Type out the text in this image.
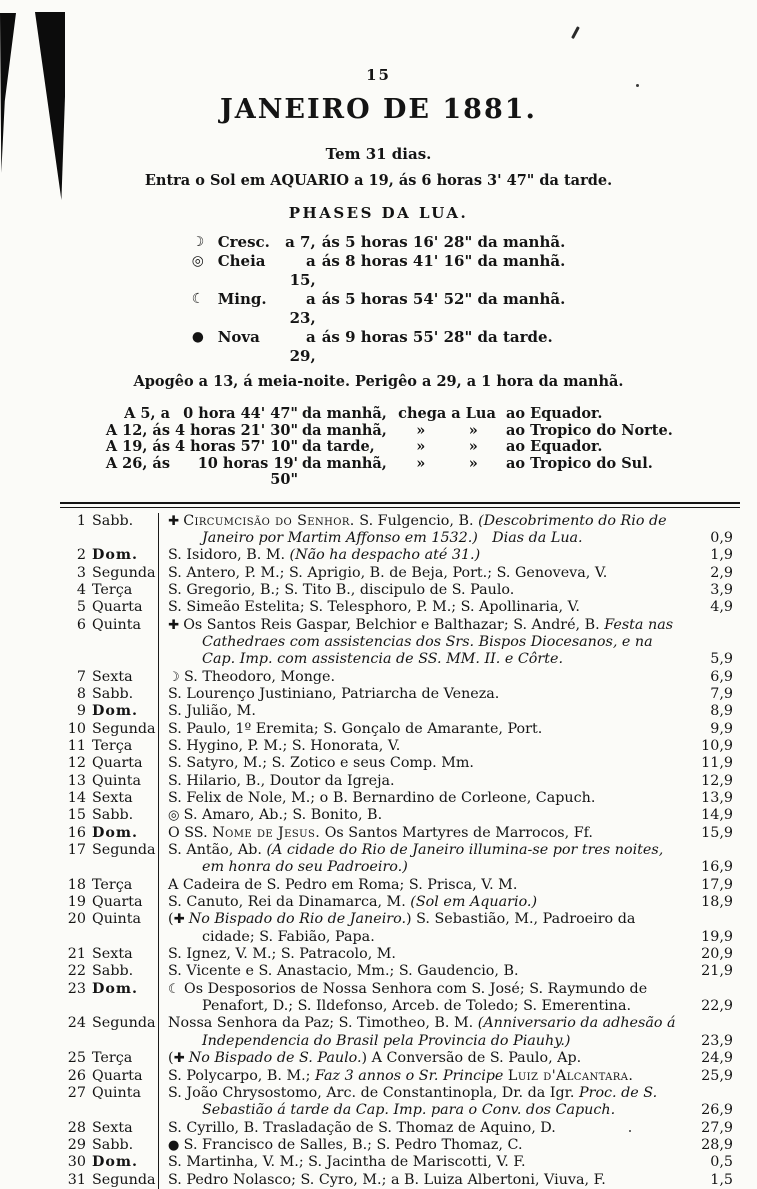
15
JANEIRO DE 1881.
Tem 31 dias.
Entra o Sol em AQUARIO a 19, ás 6 horas 3' 47" da tarde.
PHASES DA LUA.
☽ Cresc.	a 7, ás 5 horas 16' 28" da manhã.
◎ Cheia	a 15,
ás 8 horas 41' 16" da manhã.
☾ Ming.	a 23,
ás 5 horas 54' 52" da manhã.
● Nova	a 29,
ás 9 horas 55' 28" da tarde.
Apogêo a 13, á meia-noite. Perigêo a 29, a 1 hora da manhã.
A 5, a 0 hora 44' 47" da manhã, chega a Lua ao Equador.
A 12, ás 4 horas 21' 30" da manhã,	»   »	ao Tropico do Norte.
A 19, ás 4 horas 57' 10" da tarde,	»   »	ao Equador.
A 26, ás	10 horas 19' 50"
da manhã,	»   »	ao Tropico do Sul.
1 Sabb.	✚ Circumcisão do Senhor. S. Fulgencio, B. (Descobrimento do Rio de Janeiro por Martim Affonso em 1532.) Dias da Lua.	0,9
2 Dom.	S. Isidoro, B. M. (Não ha despacho até 31.)	1,9
3 Segunda S. Antero, P. M.; S. Aprigio, B. de Beja, Port.; S. Genoveva, V.	2,9
4 Terça	S. Gregorio, B.; S. Tito B., discipulo de S. Paulo.	3,9
5 Quarta	S. Simeão Estelita; S. Telesphoro, P. M.; S. Apollinaria, V.	4,9
6 Quinta	✚ Os Santos Reis Gaspar, Belchior e Balthazar; S. André, B. Festa nas Cathedraes com assistencias dos Srs. Bispos Diocesanos, e na Cap. Imp. com assistencia de SS. MM. II. e Côrte.	5,9
7 Sexta	☽ S. Theodoro, Monge.	6,9
8 Sabb.	S. Lourenço Justiniano, Patriarcha de Veneza.	7,9
9 Dom.	S. Julião, M.	8,9
10 Segunda S. Paulo, 1º Eremita; S. Gonçalo de Amarante, Port.	9,9
11 Terça	S. Hygino, P. M.; S. Honorata, V.	10,9
12 Quarta	S. Satyro, M.; S. Zotico e seus Comp. Mm.	11,9
13 Quinta	S. Hilario, B., Doutor da Igreja.	12,9
14 Sexta	S. Felix de Nole, M.; o B. Bernardino de Corleone, Capuch.	13,9
15 Sabb.	◎ S. Amaro, Ab.; S. Bonito, B.	14,9
16 Dom.	O SS. Nome de Jesus. Os Santos Martyres de Marrocos, Ff.	15,9
17 Segunda S. Antão, Ab. (A cidade do Rio de Janeiro illumina-se por tres noites, em honra do seu Padroeiro.)	16,9
18 Terça	A Cadeira de S. Pedro em Roma; S. Prisca, V. M.	17,9
19 Quarta	S. Canuto, Rei da Dinamarca, M. (Sol em Aquario.)	18,9
20 Quinta	(✚ No Bispado do Rio de Janeiro.) S. Sebastião, M., Padroeiro da cidade; S. Fabião, Papa.	19,9
21 Sexta	S. Ignez, V. M.; S. Patracolo, M.	20,9
22 Sabb.	S. Vicente e S. Anastacio, Mm.; S. Gaudencio, B.	21,9
23 Dom.	☾ Os Desposorios de Nossa Senhora com S. José; S. Raymundo de Penafort, D.; S. Ildefonso, Arceb. de Toledo; S. Emerentina.	22,9
24 Segunda Nossa Senhora da Paz; S. Timotheo, B. M. (Anniversario da adhesão á Independencia do Brasil pela Provincia do Piauhy.)	23,9
25 Terça	(✚ No Bispado de S. Paulo.) A Conversão de S. Paulo, Ap.	24,9
26 Quarta	S. Polycarpo, B. M.; Faz 3 annos o Sr. Principe Luiz d'Alcantara.	25,9
27 Quinta	S. João Chrysostomo, Arc. de Constantinopla, Dr. da Igr. Proc. de S. Sebastião á tarde da Cap. Imp. para o Conv. dos Capuch.	26,9
28 Sexta	S. Cyrillo, B. Trasladação de S. Thomaz de Aquino, D.	27,9
29 Sabb.	● S. Francisco de Salles, B.; S. Pedro Thomaz, C.	28,9
30 Dom.	S. Martinha, V. M.; S. Jacintha de Mariscotti, V. F.	0,5
31 Segunda S. Pedro Nolasco; S. Cyro, M.; a B. Luiza Albertoni, Viuva, F.	1,5
